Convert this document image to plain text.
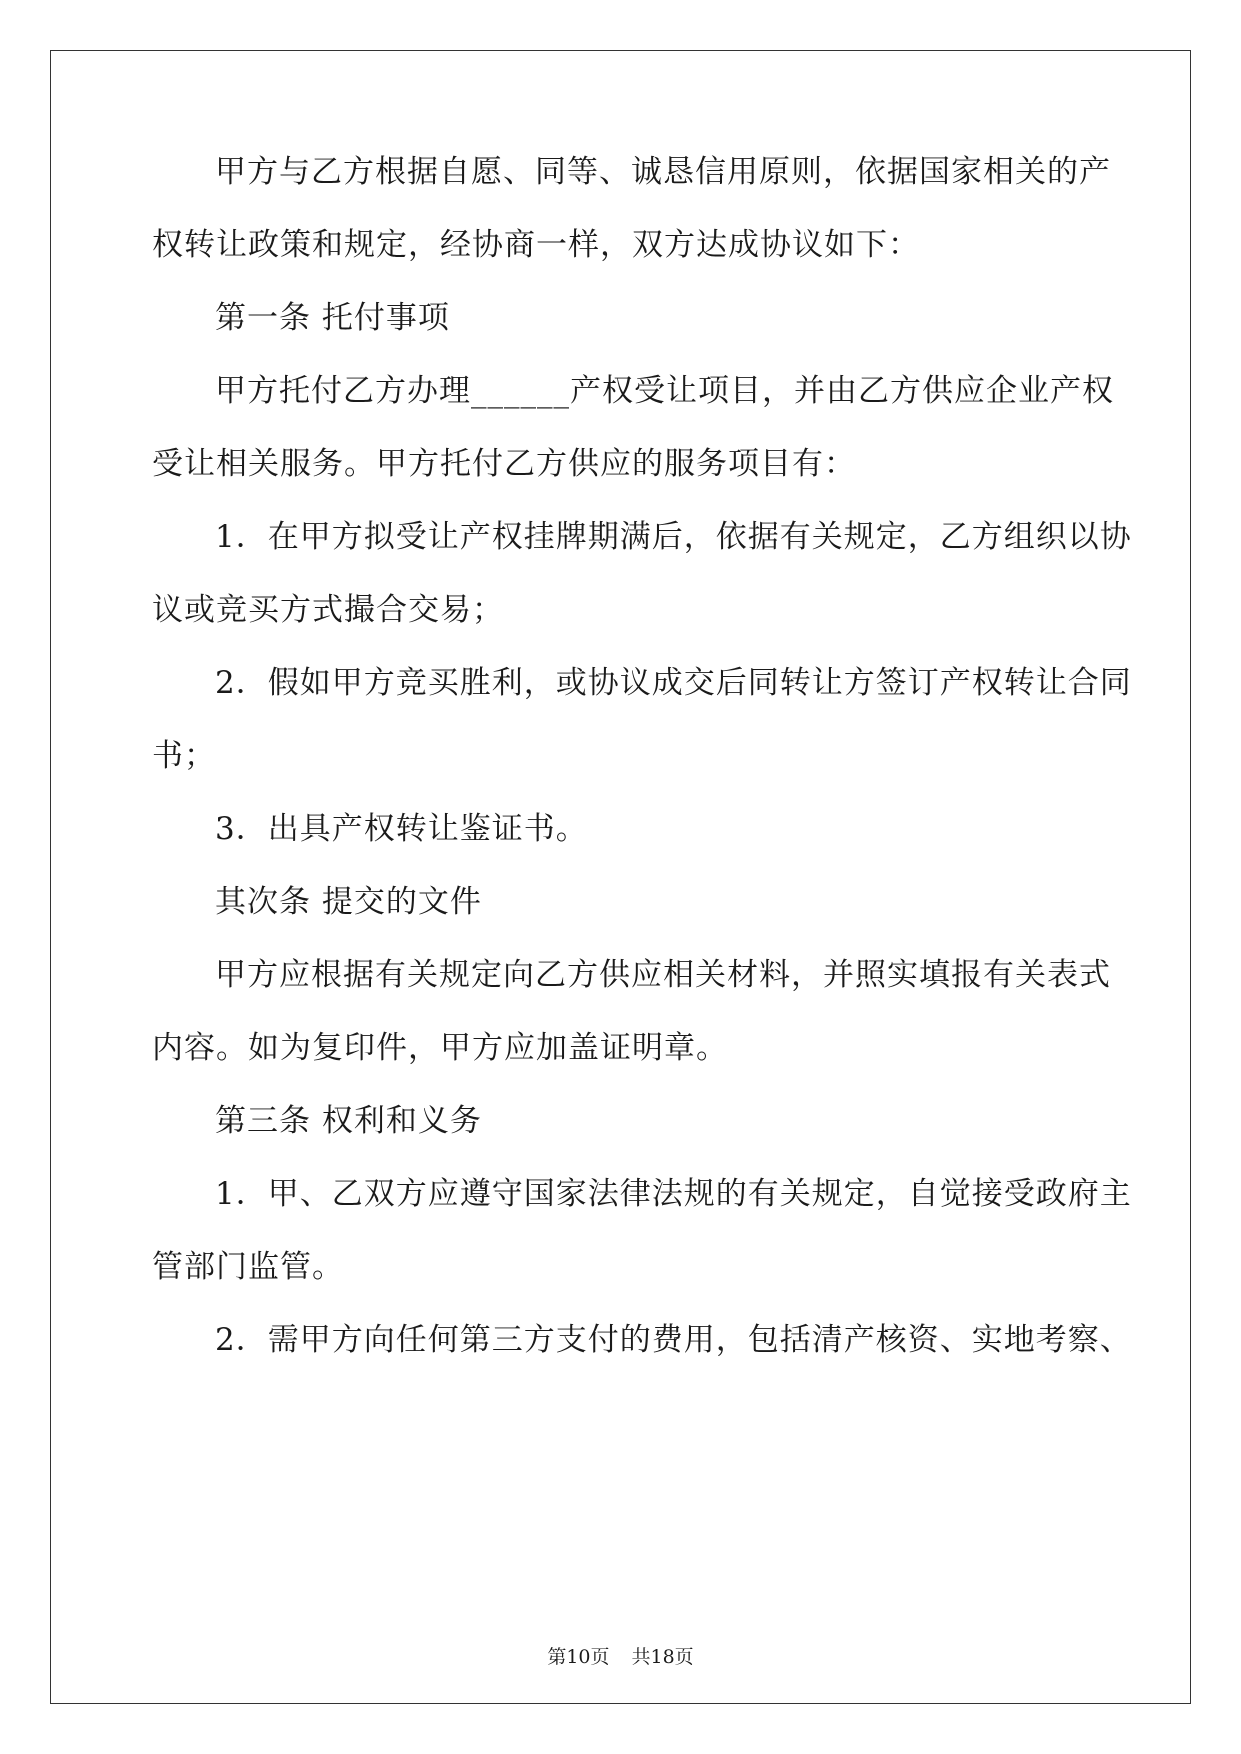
甲方与乙方根据自愿、同等、诚恳信用原则，依据国家相关的产
权转让政策和规定，经协商一样，双方达成协议如下：
第一条 托付事项
甲方托付乙方办理______产权受让项目，并由乙方供应企业产权
受让相关服务。甲方托付乙方供应的服务项目有：
1．在甲方拟受让产权挂牌期满后，依据有关规定，乙方组织以协
议或竞买方式撮合交易；
2．假如甲方竞买胜利，或协议成交后同转让方签订产权转让合同
书；
3．出具产权转让鉴证书。
其次条 提交的文件
甲方应根据有关规定向乙方供应相关材料，并照实填报有关表式
内容。如为复印件，甲方应加盖证明章。
第三条 权利和义务
1．甲、乙双方应遵守国家法律法规的有关规定，自觉接受政府主
管部门监管。
2．需甲方向任何第三方支付的费用，包括清产核资、实地考察、
第10页 共18页
